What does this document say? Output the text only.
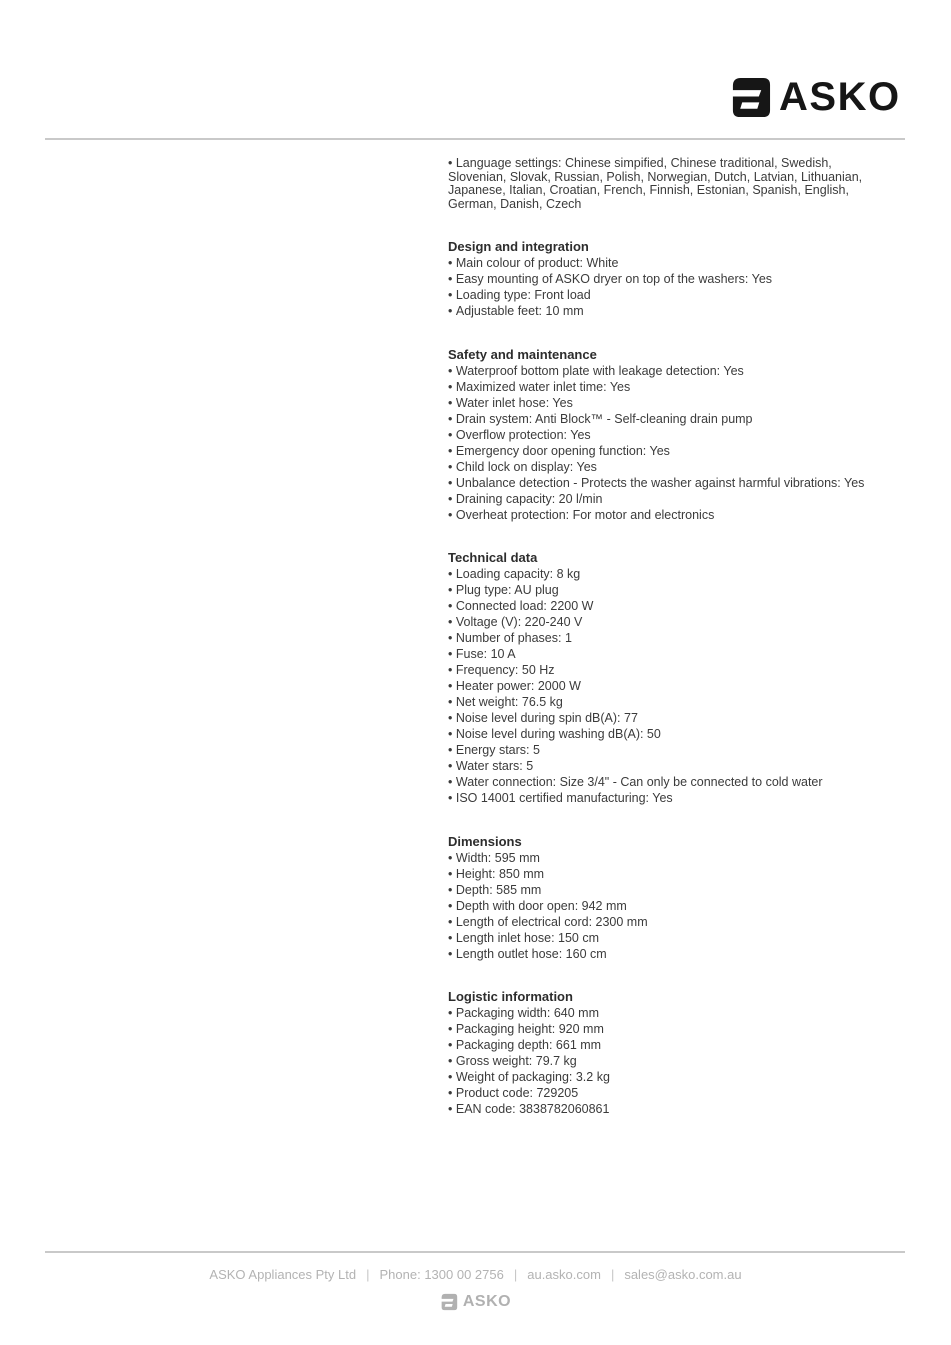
ASKO
• Language settings: Chinese simpified, Chinese traditional, Swedish, Slovenian, Slovak, Russian, Polish, Norwegian, Dutch, Latvian, Lithuanian, Japanese, Italian, Croatian, French, Finnish, Estonian, Spanish, English, German, Danish, Czech
Design and integration
• Main colour of product: White
• Easy mounting of ASKO dryer on top of the washers: Yes
• Loading type: Front load
• Adjustable feet: 10 mm
Safety and maintenance
• Waterproof bottom plate with leakage detection: Yes
• Maximized water inlet time: Yes
• Water inlet hose: Yes
• Drain system: Anti Block™ - Self-cleaning drain pump
• Overflow protection: Yes
• Emergency door opening function: Yes
• Child lock on display: Yes
• Unbalance detection - Protects the washer against harmful vibrations: Yes
• Draining capacity: 20 l/min
• Overheat protection: For motor and electronics
Technical data
• Loading capacity: 8 kg
• Plug type: AU plug
• Connected load: 2200 W
• Voltage (V): 220-240 V
• Number of phases: 1
• Fuse: 10 A
• Frequency: 50 Hz
• Heater power: 2000 W
• Net weight: 76.5 kg
• Noise level during spin dB(A): 77
• Noise level during washing dB(A): 50
• Energy stars: 5
• Water stars: 5
• Water connection: Size 3/4" - Can only be connected to cold water
• ISO 14001 certified manufacturing: Yes
Dimensions
• Width: 595 mm
• Height: 850 mm
• Depth: 585 mm
• Depth with door open: 942 mm
• Length of electrical cord: 2300 mm
• Length inlet hose: 150 cm
• Length outlet hose: 160 cm
Logistic information
• Packaging width: 640 mm
• Packaging height: 920 mm
• Packaging depth: 661 mm
• Gross weight: 79.7 kg
• Weight of packaging: 3.2 kg
• Product code: 729205
• EAN code: 3838782060861
ASKO Appliances Pty Ltd | Phone: 1300 00 2756 | au.asko.com | sales@asko.com.au
ASKO
